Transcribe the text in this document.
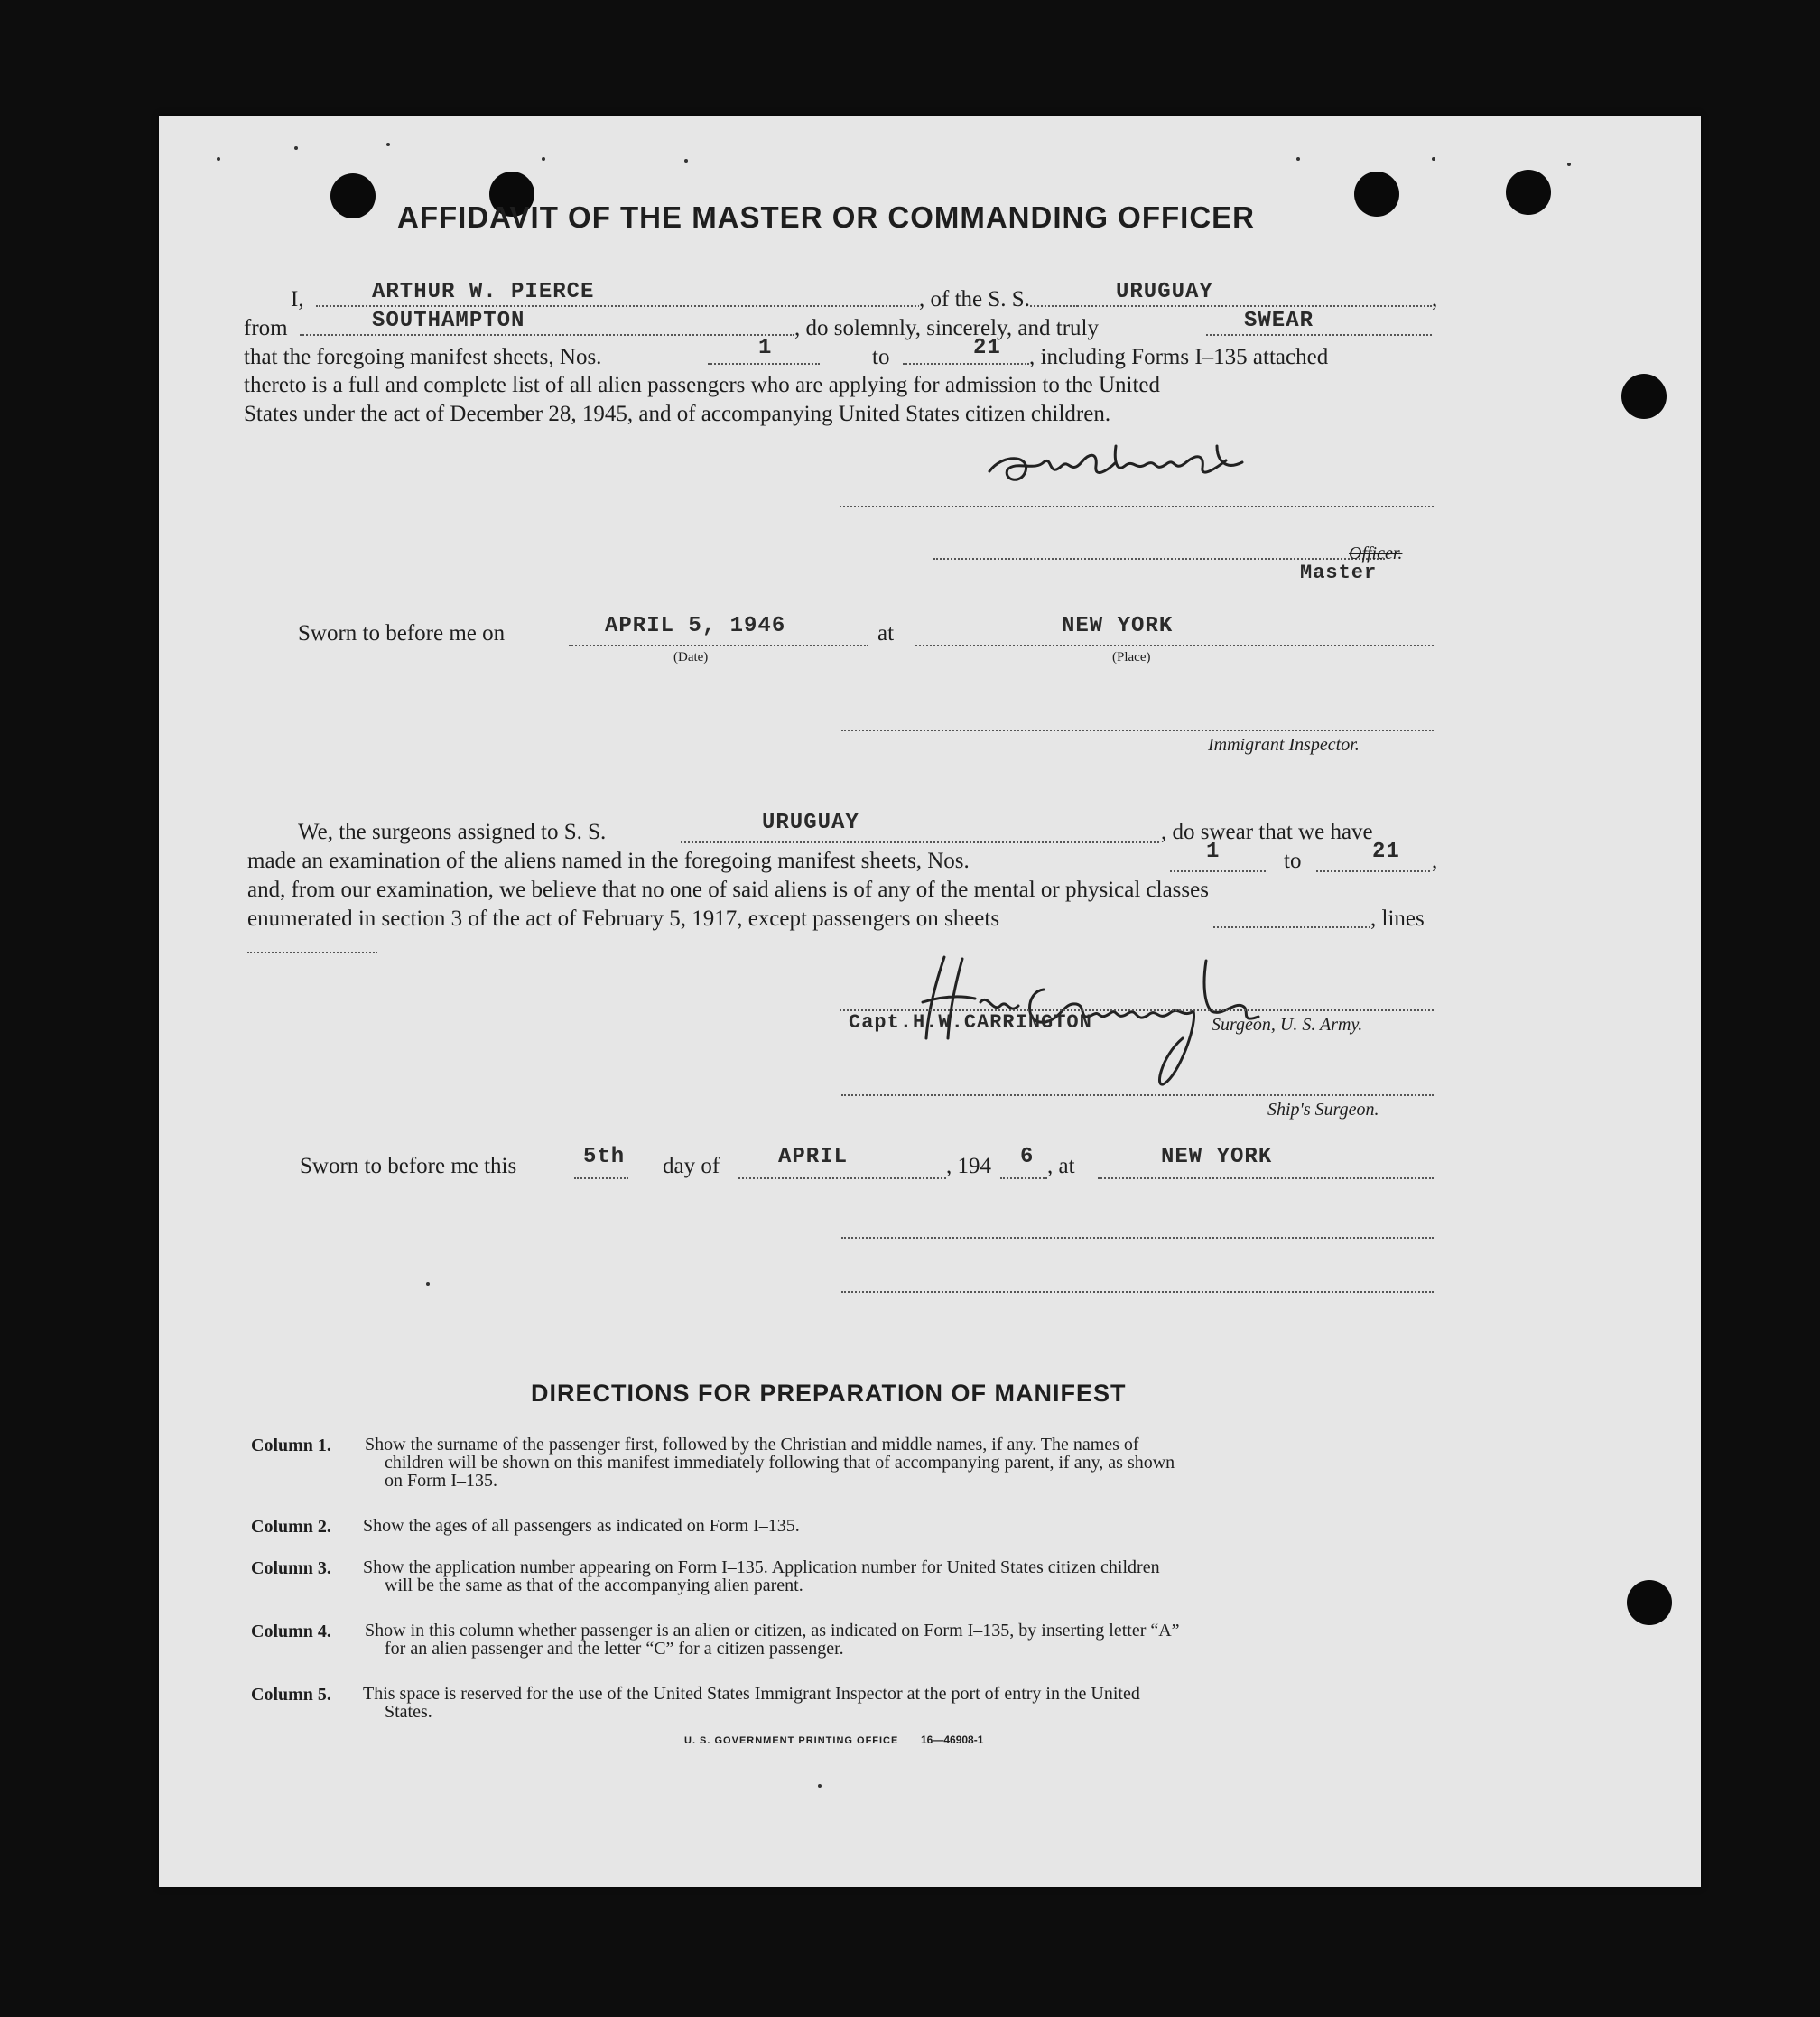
AFFIDAVIT OF THE MASTER OR COMMANDING OFFICER
I,	ARTHUR W. PIERCE	, of the S. S.	URUGUAY	,
from	SOUTHAMPTON	, do solemnly, sincerely, and truly	SWEAR
that the foregoing manifest sheets, Nos.	1	to	21 , including Forms I–135 attached
thereto is a full and complete list of all alien passengers who are applying for admission to the United
States under the act of December 28, 1945, and of accompanying United States citizen children.
Officer.
Master
Sworn to before me on	APRIL 5, 1946
(Date)
at	NEW YORK
(Place)
Immigrant Inspector.
We, the surgeons assigned to S. S.	URUGUAY	, do swear that we have
made an examination of the aliens named in the foregoing manifest sheets, Nos.	1	to	21 ,
and, from our examination, we believe that no one of said aliens is of any of the mental or physical classes
enumerated in section 3 of the act of February 5, 1917, except passengers on sheets	, lines
Capt.H.W.CARRINGTON	Surgeon, U. S. Army.
Ship's Surgeon.
Sworn to before me this	5th day of	APRIL	, 194 6 , at	NEW YORK
DIRECTIONS FOR PREPARATION OF MANIFEST
Column 1. Show the surname of the passenger first, followed by the Christian and middle names, if any. The names of
children will be shown on this manifest immediately following that of accompanying parent, if any, as shown
on Form I–135.
Column 2. Show the ages of all passengers as indicated on Form I–135.
Column 3. Show the application number appearing on Form I–135. Application number for United States citizen children
will be the same as that of the accompanying alien parent.
Column 4. Show in this column whether passenger is an alien or citizen, as indicated on Form I–135, by inserting letter “A”
for an alien passenger and the letter “C” for a citizen passenger.
Column 5. This space is reserved for the use of the United States Immigrant Inspector at the port of entry in the United
States.
U. S. GOVERNMENT PRINTING OFFICE 16—46908-1
